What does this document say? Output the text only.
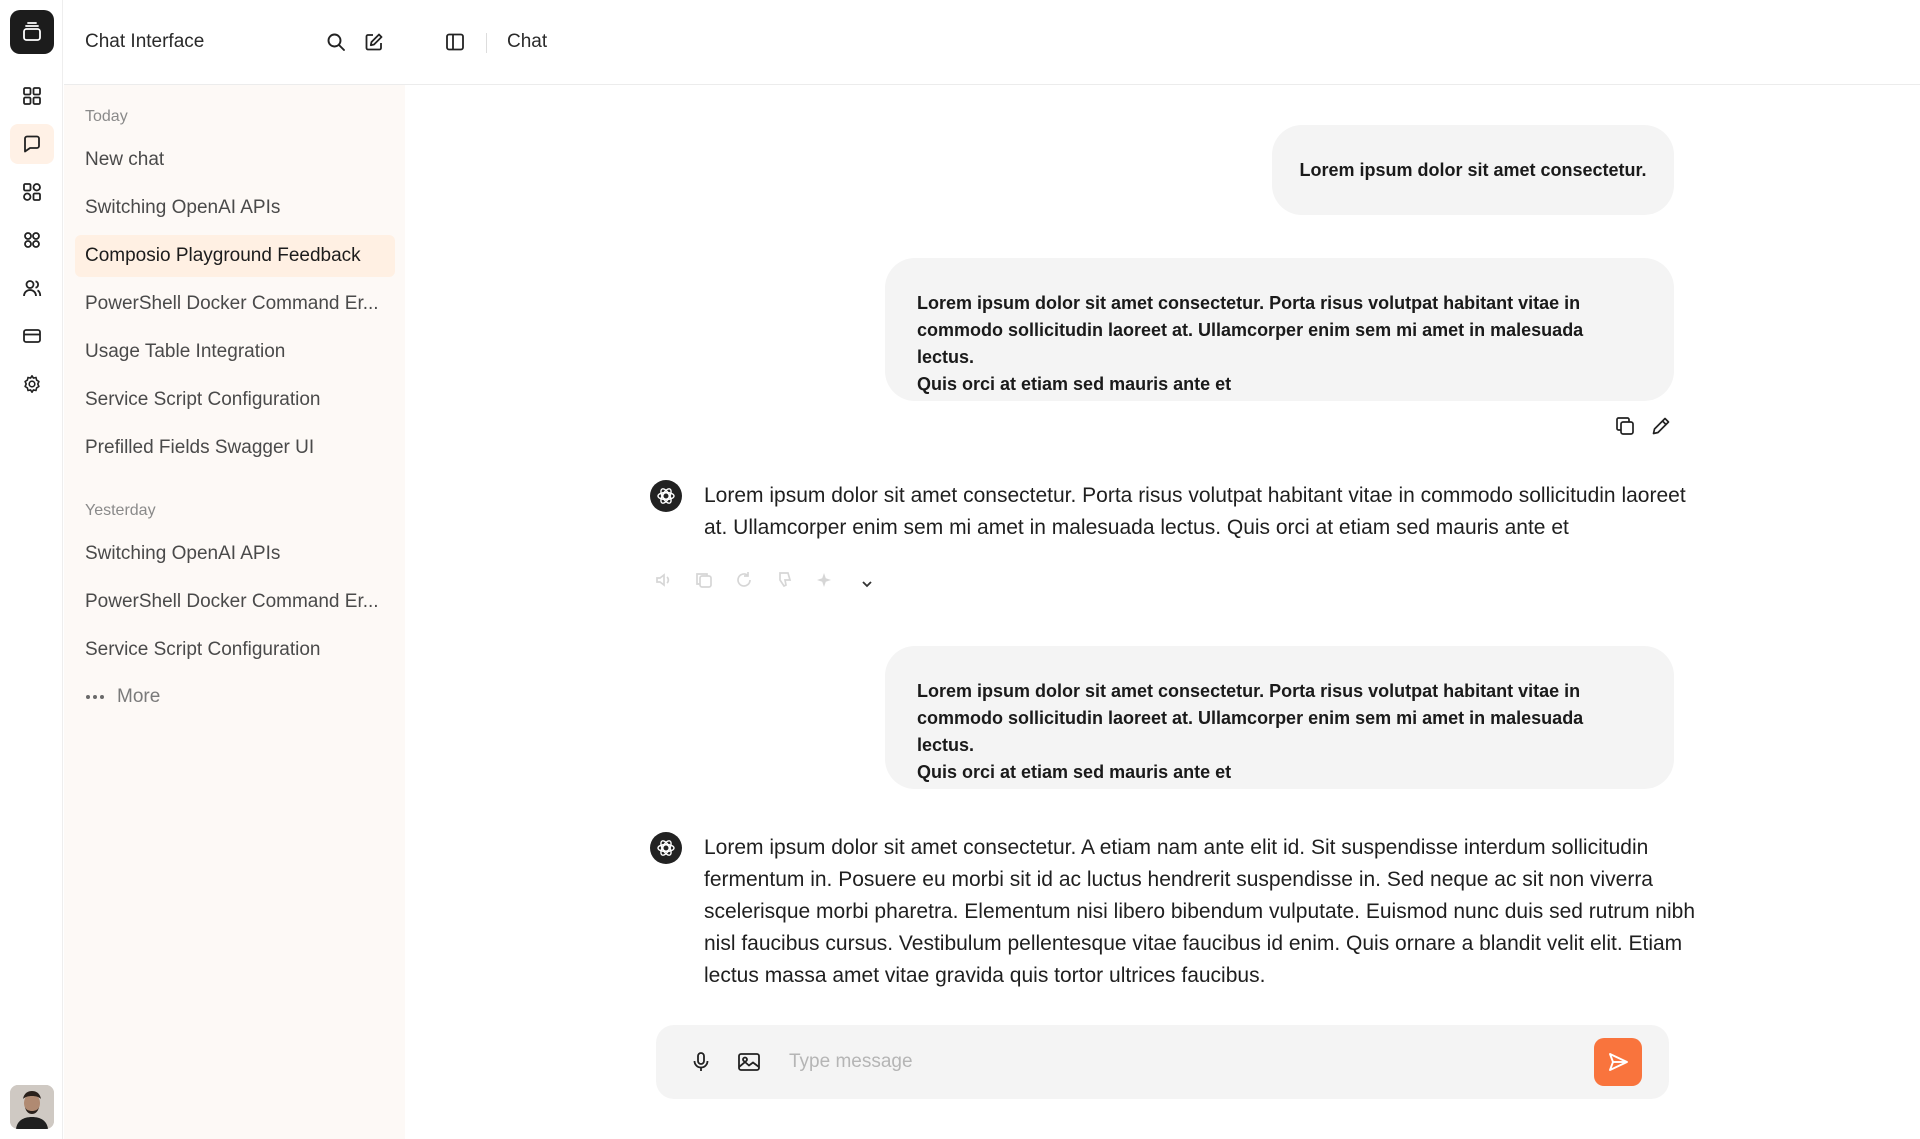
Chat Interface
Today
New chat
Switching OpenAI APIs
Composio Playground Feedback
PowerShell Docker Command Er...
Usage Table Integration
Service Script Configuration
Prefilled Fields Swagger UI
Yesterday
Switching OpenAI APIs
PowerShell Docker Command Er...
Service Script Configuration
More
Chat

Lorem ipsum dolor sit amet consectetur.

Lorem ipsum dolor sit amet consectetur. Porta risus volutpat habitant vitae in

commodo sollicitudin laoreet at. Ullamcorper enim sem mi amet in malesuada lectus.

Quis orci at etiam sed mauris ante et

Lorem ipsum dolor sit amet consectetur. Porta risus volutpat habitant vitae in commodo sollicitudin laoreet at. Ullamcorper enim sem mi amet in malesuada lectus. Quis orci at etiam sed mauris ante et

Lorem ipsum dolor sit amet consectetur. Porta risus volutpat habitant vitae in

commodo sollicitudin laoreet at. Ullamcorper enim sem mi amet in malesuada lectus.

Quis orci at etiam sed mauris ante et

Lorem ipsum dolor sit amet consectetur. A etiam nam ante elit id. Sit suspendisse interdum sollicitudin fermentum in. Posuere eu morbi sit id ac luctus hendrerit suspendisse in. Sed neque ac sit non viverra scelerisque morbi pharetra. Elementum nisi libero bibendum vulputate. Euismod nunc duis sed rutrum nibh nisl faucibus cursus. Vestibulum pellentesque vitae faucibus id enim. Quis ornare a blandit velit elit. Etiam lectus massa amet vitae gravida quis tortor ultrices faucibus.
Type message
